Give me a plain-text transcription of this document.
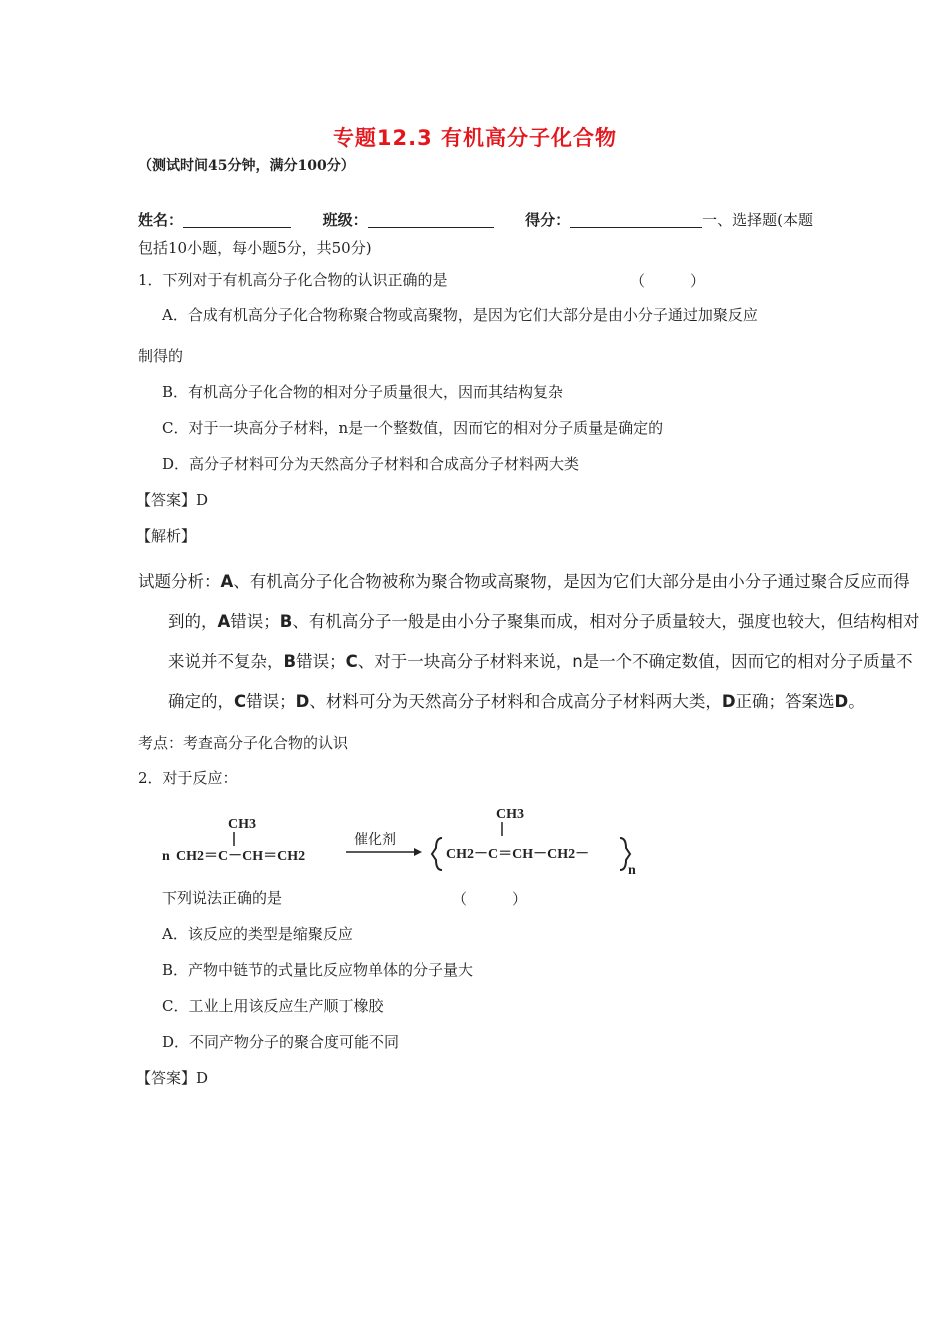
专题12.3 有机高分子化合物
（测试时间45分钟，满分100分）
姓名：	班级：	得分：	一、选择题(本题
包括10小题，每小题5分，共50分)
1．下列对于有机高分子化合物的认识正确的是	（　　　）
A．合成有机高分子化合物称聚合物或高聚物，是因为它们大部分是由小分子通过加聚反应
制得的
B．有机高分子化合物的相对分子质量很大，因而其结构复杂
C．对于一块高分子材料，n是一个整数值，因而它的相对分子质量是确定的
D．高分子材料可分为天然高分子材料和合成高分子材料两大类
【答案】D
【解析】
试题分析：A、有机高分子化合物被称为聚合物或高聚物，是因为它们大部分是由小分子通过聚合反应而得
到的，A错误；B、有机高分子一般是由小分子聚集而成，相对分子质量较大，强度也较大，但结构相对来说并不复杂，B错误；C、对于一块高分子材料来说，n是一个不确定数值，因而它的相对分子质量不确定的，C错误；D、材料可分为天然高分子材料和合成高分子材料两大类，D正确；答案选D。
考点：考查高分子化合物的认识
2．对于反应：
n
CH3
CH2＝C－CH＝CH2
催化剂
CH3
CH2－C＝CH－CH2－
n
下列说法正确的是	（　　　）
A．该反应的类型是缩聚反应
B．产物中链节的式量比反应物单体的分子量大
C．工业上用该反应生产顺丁橡胶
D．不同产物分子的聚合度可能不同
【答案】D
